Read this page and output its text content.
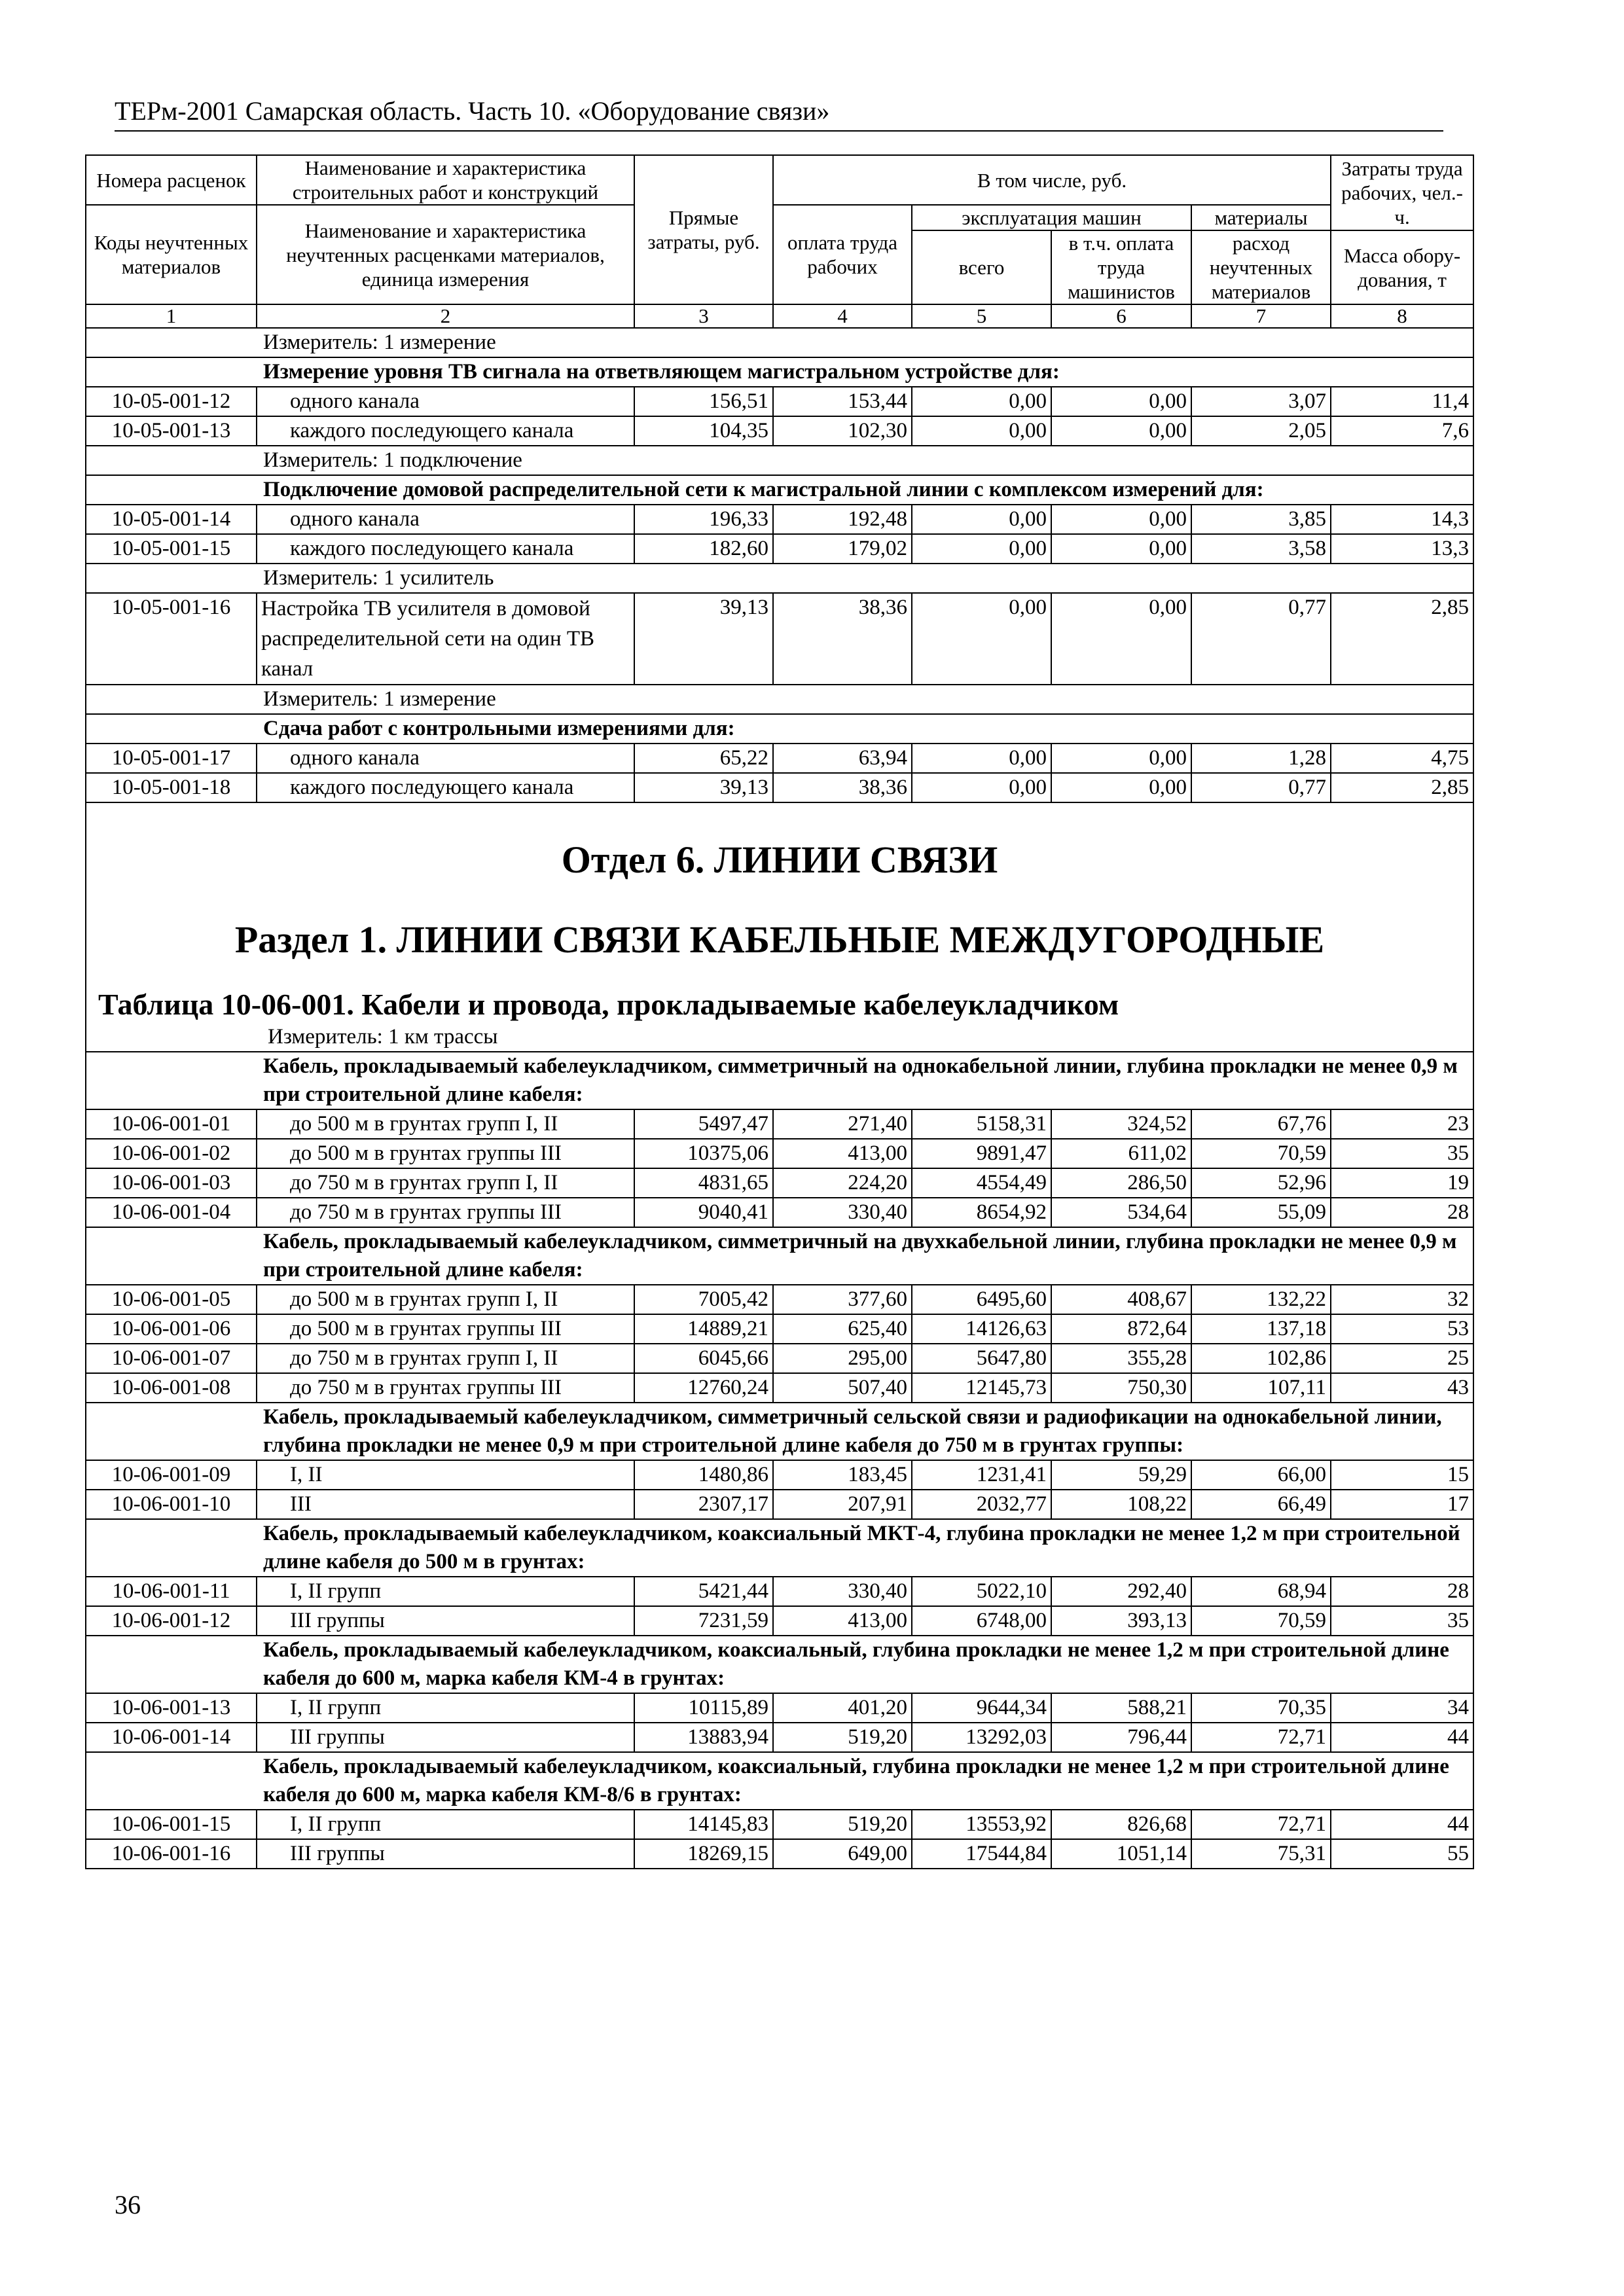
ТЕРм-2001 Самарская область. Часть 10. «Оборудование связи»
Номера расценок	Наименование и характеристика строительных работ и конструкций	Прямые затраты, руб.	В том числе, руб.				Затраты труда рабочих, чел.-ч.
Коды неучтенных материалов	Наименование и характеристика неучтенных расценками материалов, единица измерения		оплата труда рабочих	эксплуатация машин		материалы	
				всего	в т.ч. оплата труда машинистов	расход неучтенных материалов	Масса обору-дования, т
1	2	3	4	5	6	7	8
Измеритель: 1 измерение							
Измерение уровня ТВ сигнала на ответвляющем магистральном устройстве для:							
10-05-001-12	одного канала	156,51	153,44	0,00	0,00	3,07	11,4
10-05-001-13	каждого последующего канала	104,35	102,30	0,00	0,00	2,05	7,6
Измеритель: 1 подключение							
Подключение домовой распределительной сети к магистральной линии с комплексом измерений для:							
10-05-001-14	одного канала	196,33	192,48	0,00	0,00	3,85	14,3
10-05-001-15	каждого последующего канала	182,60	179,02	0,00	0,00	3,58	13,3
Измеритель: 1 усилитель							
10-05-001-16	Настройка ТВ усилителя в домовой распределительной сети на один ТВ канал	39,13	38,36	0,00	0,00	0,77	2,85
Измеритель: 1 измерение							
Сдача работ с контрольными измерениями для:							
10-05-001-17	одного канала	65,22	63,94	0,00	0,00	1,28	4,75
10-05-001-18	каждого последующего канала	39,13	38,36	0,00	0,00	0,77	2,85

Отдел 6. ЛИНИИ СВЯЗИ
Раздел 1. ЛИНИИ СВЯЗИ КАБЕЛЬНЫЕ МЕЖДУГОРОДНЫЕ
Таблица 10-06-001. Кабели и провода, прокладываемые кабелеукладчиком							

Измеритель: 1 км трассы							
Кабель, прокладываемый кабелеукладчиком, симметричный на однокабельной линии, глубина прокладки не менее 0,9 м при строительной длине кабеля:							
10-06-001-01	до 500 м в грунтах групп I, II	5497,47	271,40	5158,31	324,52	67,76	23
10-06-001-02	до 500 м в грунтах группы III	10375,06	413,00	9891,47	611,02	70,59	35
10-06-001-03	до 750 м в грунтах групп I, II	4831,65	224,20	4554,49	286,50	52,96	19
10-06-001-04	до 750 м в грунтах группы III	9040,41	330,40	8654,92	534,64	55,09	28
Кабель, прокладываемый кабелеукладчиком, симметричный на двухкабельной линии, глубина прокладки не менее 0,9 м при строительной длине кабеля:							
10-06-001-05	до 500 м в грунтах групп I, II	7005,42	377,60	6495,60	408,67	132,22	32
10-06-001-06	до 500 м в грунтах группы III	14889,21	625,40	14126,63	872,64	137,18	53
10-06-001-07	до 750 м в грунтах групп I, II	6045,66	295,00	5647,80	355,28	102,86	25
10-06-001-08	до 750 м в грунтах группы III	12760,24	507,40	12145,73	750,30	107,11	43
Кабель, прокладываемый кабелеукладчиком, симметричный сельской связи и радиофикации на однокабельной линии, глубина прокладки не менее 0,9 м при строительной длине кабеля до 750 м в грунтах группы:							
10-06-001-09	I, II	1480,86	183,45	1231,41	59,29	66,00	15
10-06-001-10	III	2307,17	207,91	2032,77	108,22	66,49	17
Кабель, прокладываемый кабелеукладчиком, коаксиальный МКТ-4, глубина прокладки не менее 1,2 м при строительной длине кабеля до 500 м в грунтах:							
10-06-001-11	I, II групп	5421,44	330,40	5022,10	292,40	68,94	28
10-06-001-12	III группы	7231,59	413,00	6748,00	393,13	70,59	35
Кабель, прокладываемый кабелеукладчиком, коаксиальный, глубина прокладки не менее 1,2 м при строительной длине кабеля до 600 м, марка кабеля КМ-4 в грунтах:							
10-06-001-13	I, II групп	10115,89	401,20	9644,34	588,21	70,35	34
10-06-001-14	III группы	13883,94	519,20	13292,03	796,44	72,71	44
Кабель, прокладываемый кабелеукладчиком, коаксиальный, глубина прокладки не менее 1,2 м при строительной длине кабеля до 600 м, марка кабеля КМ-8/6 в грунтах:							
10-06-001-15	I, II групп	14145,83	519,20	13553,92	826,68	72,71	44
10-06-001-16	III группы	18269,15	649,00	17544,84	1051,14	75,31	55
36
